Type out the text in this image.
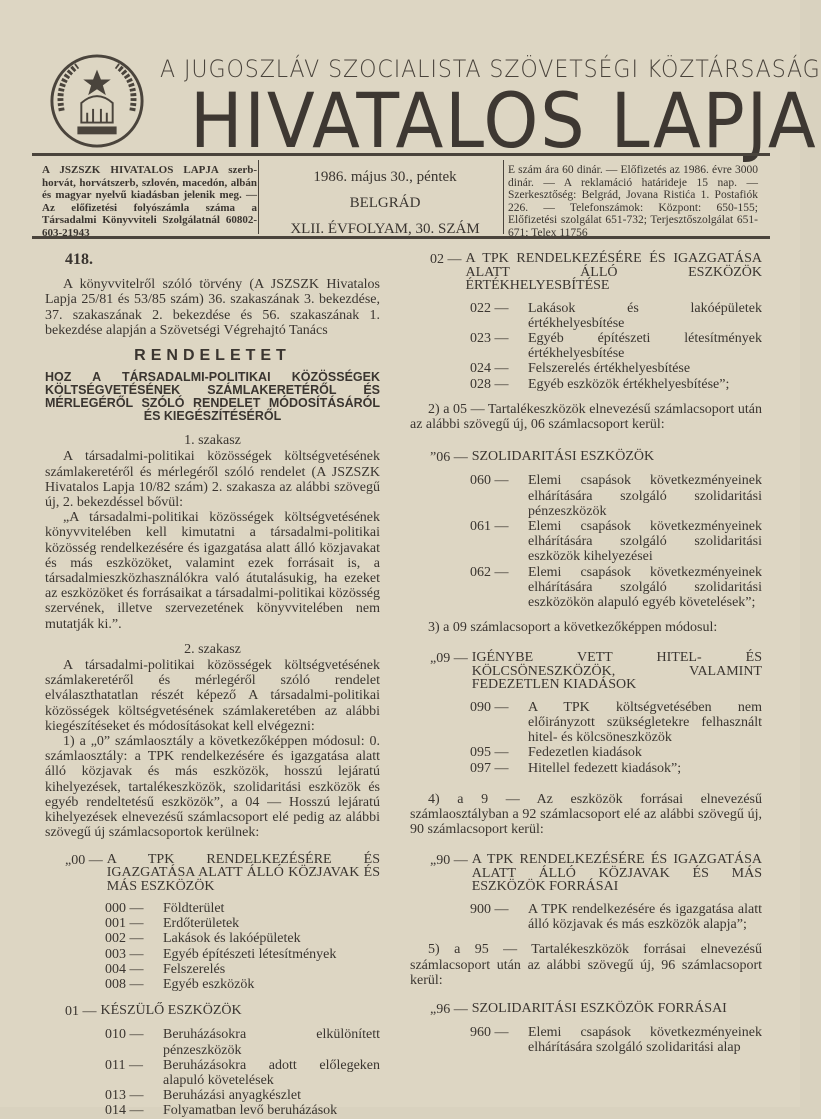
A JUGOSZLÁV SZOCIALISTA SZÖVETSÉGI KÖZTÁRSASÁG
HIVATALOS LAPJA
A JSZSZK HIVATALOS LAPJA szerb-horvát, horvátszerb, szlovén, macedón, albán és magyar nyelvű kiadásban jelenik meg. — Az előfizetési folyószámla száma a Társadalmi Könyvviteli Szolgálatnál 60802-603-21943
1986. május 30., péntek
BELGRÁD
XLII. ÉVFOLYAM, 30. SZÁM
E szám ára 60 dinár. — Előfizetés az 1986. évre 3000 dinár. — A reklamáció határideje 15 nap. — Szerkesztőség: Belgrád, Jovana Ristića 1. Postafiók 226. — Telefonszámok: Központ: 650-155; Előfizetési szolgálat 651-732; Terjesztőszolgálat 651-671; Telex 11756
418.

A könyvvitelről szóló törvény (A JSZSZK Hivatalos Lapja 25/81 és 53/85 szám) 36. szakaszának 3. bekezdése, 37. szakaszának 2. bekezdése és 56. szakaszának 1. bekezdése alapján a Szövetségi Végrehajtó Tanács

RENDELETET
HOZ A TÁRSADALMI-POLITIKAI KÖZÖSSÉGEK KÖLTSÉGVETÉSÉNEK SZÁMLAKERETÉRŐL ÉS MÉRLEGÉRŐL SZÓLÓ RENDELET MÓDOSÍTÁSÁRÓL ÉS KIEGÉSZÍTÉSÉRŐL
1. szakasz

A társadalmi-politikai közösségek költségvetésének számlakeretéről és mérlegéről szóló rendelet (A JSZSZK Hivatalos Lapja 10/82 szám) 2. szakasza az alábbi szövegű új, 2. bekezdéssel bővül:

„A társadalmi-politikai közösségek költségvetésének könyvvitelében kell kimutatni a társadalmi-politikai közösség rendelkezésére és igazgatása alatt álló közjavakat és más eszközöket, valamint ezek forrásait is, a társadalmieszközhasználókra való átutalásukig, ha ezeket az eszközöket és forrásaikat a társadalmi-politikai közösség szervének, illetve szervezetének könyvvitelében nem mutatják ki.”.

2. szakasz

A társadalmi-politikai közösségek költségvetésének számlakeretéről és mérlegéről szóló rendelet elválaszthatatlan részét képező A társadalmi-politikai közösségek költségvetésének számlakeretében az alábbi kiegészítéseket és módosításokat kell elvégezni:

1) a „0” számlaosztály a következőképpen módosul: 0. számlaosztály: a TPK rendelkezésére és igazgatása alatt álló közjavak és más eszközök, hosszú lejáratú kihelyezések, tartalékeszközök, szolidaritási eszközök és egyéb rendeltetésű eszközök”, a 04 — Hosszú lejáratú kihelyezések elnevezésű számlacsoport elé pedig az alábbi szövegű új számlacsoportok kerülnek:

„00 — A TPK RENDELKEZÉSÉRE ÉS IGAZGATÁSA ALATT ÁLLÓ KÖZJAVAK ÉS MÁS ESZKÖZÖK
000 —	Földterület
001 —	Erdőterületek
002 —	Lakások és lakóépületek
003 —	Egyéb építészeti létesítmények
004 —	Felszerelés
008 —	Egyéb eszközök
01 — KÉSZÜLŐ ESZKÖZÖK
010 —	Beruházásokra elkülönített pénzeszközök
011 —	Beruházásokra adott előlegeken alapuló követelések
013 —	Beruházási anyagkészlet
014 —	Folyamatban levő beruházások
02 — A TPK RENDELKEZÉSÉRE ÉS IGAZGATÁSA ALATT ÁLLÓ ESZKÖZÖK ÉRTÉKHELYESBÍTÉSE
022 —	Lakások és lakóépületek értékhelyesbítése
023 —	Egyéb építészeti létesítmények értékhelyesbítése
024 —	Felszerelés értékhelyesbítése
028 —	Egyéb eszközök értékhelyesbítése”;

2) a 05 — Tartalékeszközök elnevezésű számlacsoport után az alábbi szövegű új, 06 számlacsoport kerül:

”06 — SZOLIDARITÁSI ESZKÖZÖK
060 —	Elemi csapások következményeinek elhárítására szolgáló szolidaritási pénzeszközök
061 —	Elemi csapások következményeinek elhárítására szolgáló szolidaritási eszközök kihelyezései
062 —	Elemi csapások következményeinek elhárítására szolgáló szolidaritási eszközökön alapuló egyéb követelések”;

3) a 09 számlacsoport a következőképpen módosul:

„09 — IGÉNYBE VETT HITEL- ÉS KÖLCSÖNESZKÖZÖK, VALAMINT FEDEZETLEN KIADÁSOK
090 —	A TPK költségvetésében nem előirányzott szükségletekre felhasznált hitel- és kölcsöneszközök
095 —	Fedezetlen kiadások
097 —	Hitellel fedezett kiadások”;

4) a 9 — Az eszközök forrásai elnevezésű számlaosztályban a 92 számlacsoport elé az alábbi szövegű új, 90 számlacsoport kerül:

„90 — A TPK RENDELKEZÉSÉRE ÉS IGAZGATÁSA ALATT ÁLLÓ KÖZJAVAK ÉS MÁS ESZKÖZÖK FORRÁSAI
900 —	A TPK rendelkezésére és igazgatása alatt álló közjavak és más eszközök alapja”;

5) a 95 — Tartalékeszközök forrásai elnevezésű számlacsoport után az alábbi szövegű új, 96 számlacsoport kerül:

„96 — SZOLIDARITÁSI ESZKÖZÖK FORRÁSAI
960 —	Elemi csapások következményeinek elhárítására szolgáló szolidaritási alap
